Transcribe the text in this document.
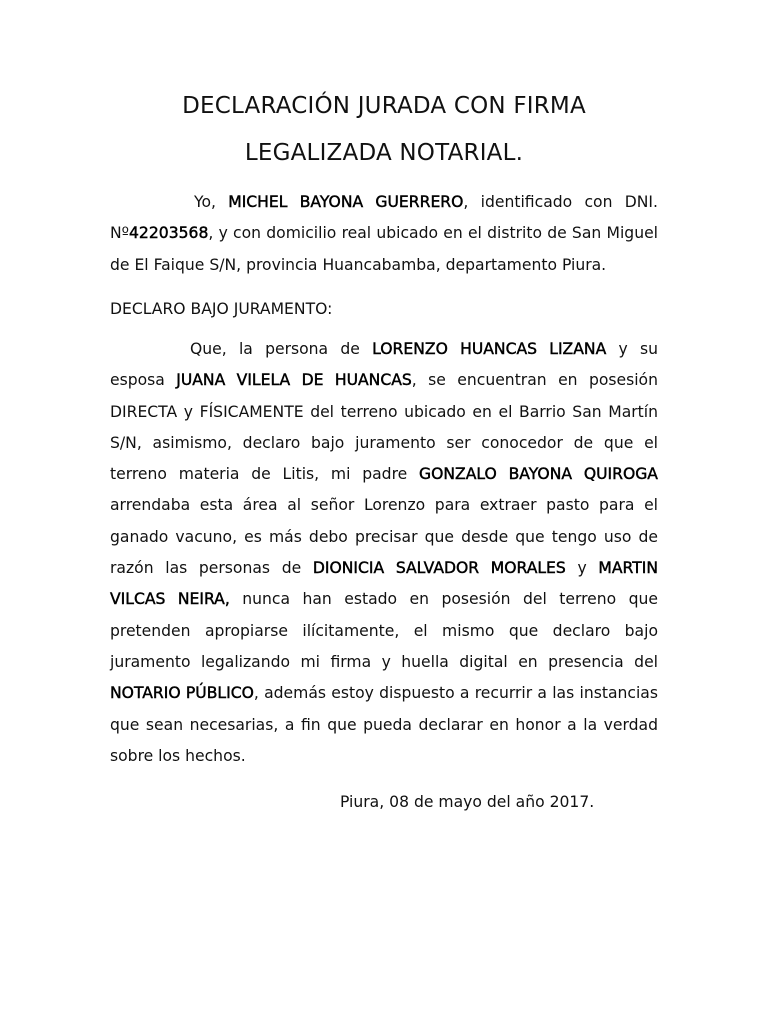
DECLARACIÓN JURADA CON FIRMA
LEGALIZADA NOTARIAL.

Yo, MICHEL BAYONA GUERRERO, identificado con DNI. Nº42203568, y con domicilio real ubicado en el distrito de San Miguel de El Faique S/N, provincia Huancabamba, departamento Piura.

DECLARO BAJO JURAMENTO:

Que, la persona de LORENZO HUANCAS LIZANA y su esposa JUANA VILELA DE HUANCAS, se encuentran en posesión DIRECTA y FÍSICAMENTE del terreno ubicado en el Barrio San Martín S/N, asimismo, declaro bajo juramento ser conocedor de que el terreno materia de Litis, mi padre GONZALO BAYONA QUIROGA arrendaba esta área al señor Lorenzo para extraer pasto para el ganado vacuno, es más debo precisar que desde que tengo uso de razón las personas de DIONICIA SALVADOR MORALES y MARTIN VILCAS NEIRA, nunca han estado en posesión del terreno que pretenden apropiarse ilícitamente, el mismo que declaro bajo juramento legalizando mi firma y huella digital en presencia del NOTARIO PÚBLICO, además estoy dispuesto a recurrir a las instancias que sean necesarias, a fin que pueda declarar en honor a la verdad sobre los hechos.

Piura, 08 de mayo del año 2017.
